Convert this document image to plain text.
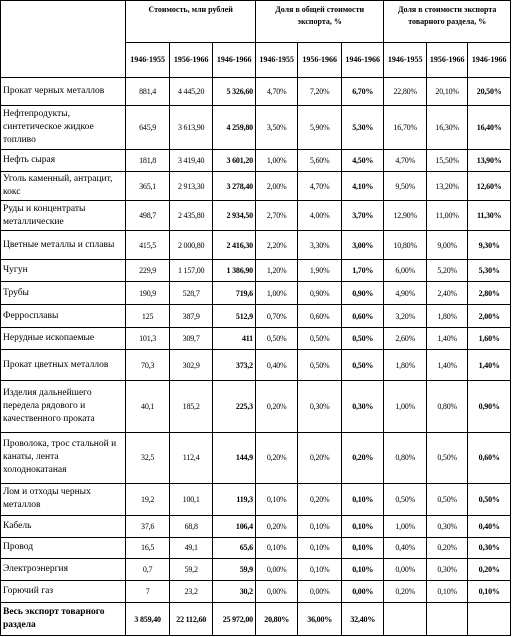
	Стоимость, млн рублей			Доля в общей стоимости экспорта, %			Доля в стоимости экспорта товарного раздела, %		
	1946-1955	1956-1966	1946-1966	1946-1955	1956-1966	1946-1966	1946-1955	1956-1966	1946-1966
Прокат черных металлов	881,4	4 445,20	5 326,60	4,70%	7,20%	6,70%	22,80%	20,10%	20,50%
Нефтепродукты, синтетическое жидкое топливо	645,9	3 613,90	4 259,80	3,50%	5,90%	5,30%	16,70%	16,30%	16,40%
Нефть сырая	181,8	3 419,40	3 601,20	1,00%	5,60%	4,50%	4,70%	15,50%	13,90%
Уголь каменный, антрацит, кокс	365,1	2 913,30	3 278,40	2,00%	4,70%	4,10%	9,50%	13,20%	12,60%
Руды и концентраты металлические	498,7	2 435,80	2 934,50	2,70%	4,00%	3,70%	12,90%	11,00%	11,30%
Цветные металлы и сплавы	415,5	2 000,80	2 416,30	2,20%	3,30%	3,00%	10,80%	9,00%	9,30%
Чугун	229,9	1 157,00	1 386,90	1,20%	1,90%	1,70%	6,00%	5,20%	5,30%
Трубы	190,9	528,7	719,6	1,00%	0,90%	0,90%	4,90%	2,40%	2,80%
Ферросплавы	125	387,9	512,9	0,70%	0,60%	0,60%	3,20%	1,80%	2,00%
Нерудные ископаемые	101,3	309,7	411	0,50%	0,50%	0,50%	2,60%	1,40%	1,60%
Прокат цветных металлов	70,3	302,9	373,2	0,40%	0,50%	0,50%	1,80%	1,40%	1,40%
Изделия дальнейшего передела рядового и качественного проката	40,1	185,2	225,3	0,20%	0,30%	0,30%	1,00%	0,80%	0,90%
Проволока, трос стальной и канаты, лента холоднокатаная	32,5	112,4	144,9	0,20%	0,20%	0,20%	0,80%	0,50%	0,60%
Лом и отходы черных металлов	19,2	100,1	119,3	0,10%	0,20%	0,10%	0,50%	0,50%	0,50%
Кабель	37,6	68,8	106,4	0,20%	0,10%	0,10%	1,00%	0,30%	0,40%
Провод	16,5	49,1	65,6	0,10%	0,10%	0,10%	0,40%	0,20%	0,30%
Электроэнергия	0,7	59,2	59,9	0,00%	0,10%	0,10%	0,00%	0,30%	0,20%
Горючий газ	7	23,2	30,2	0,00%	0,00%	0,00%	0,20%	0,10%	0,10%
Весь экспорт товарного раздела	3 859,40	22 112,60	25 972,00	20,80%	36,00%	32,40%			
